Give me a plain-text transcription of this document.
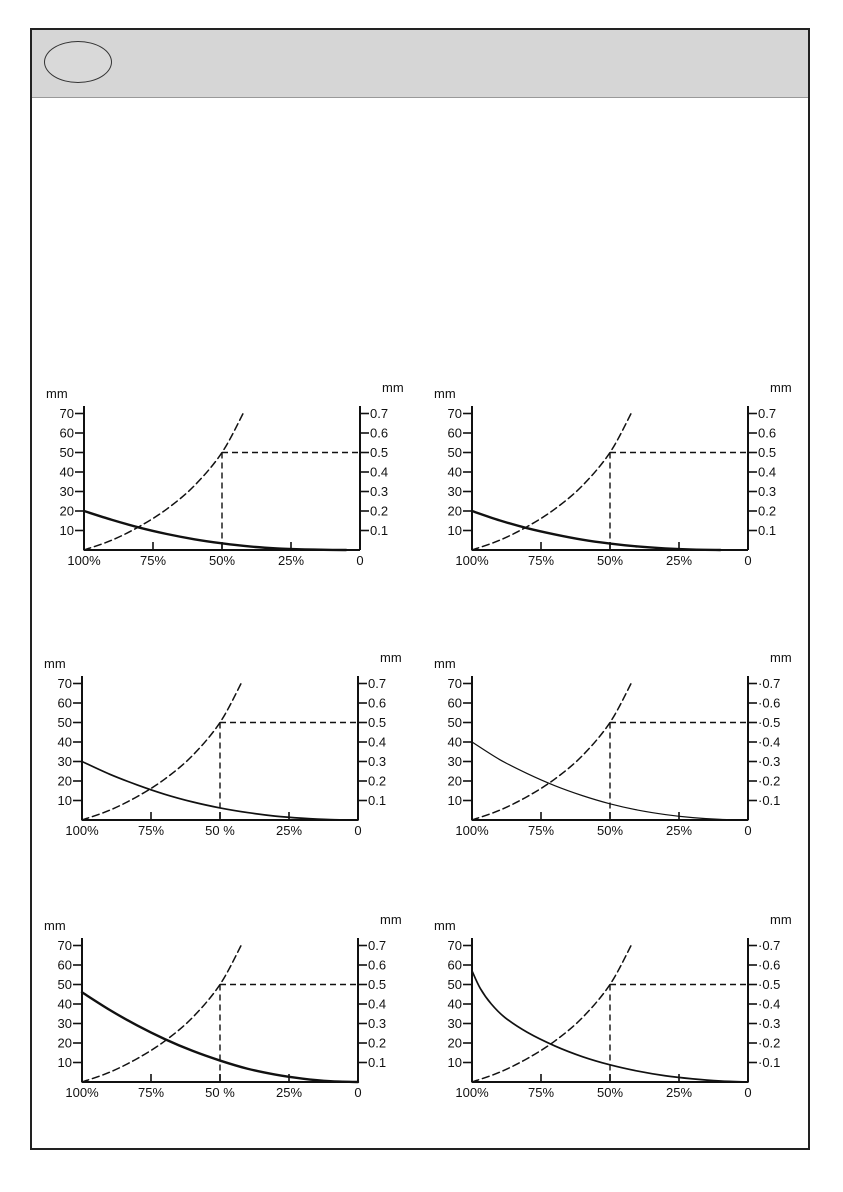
mm	mm
10
20
30
40
50
60
70
0.1
0.2
0.3
0.4
0.5
0.6
0.7
100%	75%	50%	25%	0
mm	mm
10
20
30
40
50
60
70
0.1
0.2
0.3
0.4
0.5
0.6
0.7
100%	75%	50%	25%	0
mm	mm
10
20
30
40
50
60
70
0.1
0.2
0.3
0.4
0.5
0.6
0.7
100%	75%	50 %	25%	0
mm	mm
10
20
30
40
50
60
70
·0.1
·0.2
·0.3
·0.4
·0.5
·0.6
·0.7
100%	75%	50%	25%	0
mm	mm
10
20
30
40
50
60
70
0.1
0.2
0.3
0.4
0.5
0.6
0.7
100%	75%	50 %	25%	0
mm	mm
10
20
30
40
50
60
70
·0.1
·0.2
·0.3
·0.4
·0.5
·0.6
·0.7
100%	75%	50%	25%	0
